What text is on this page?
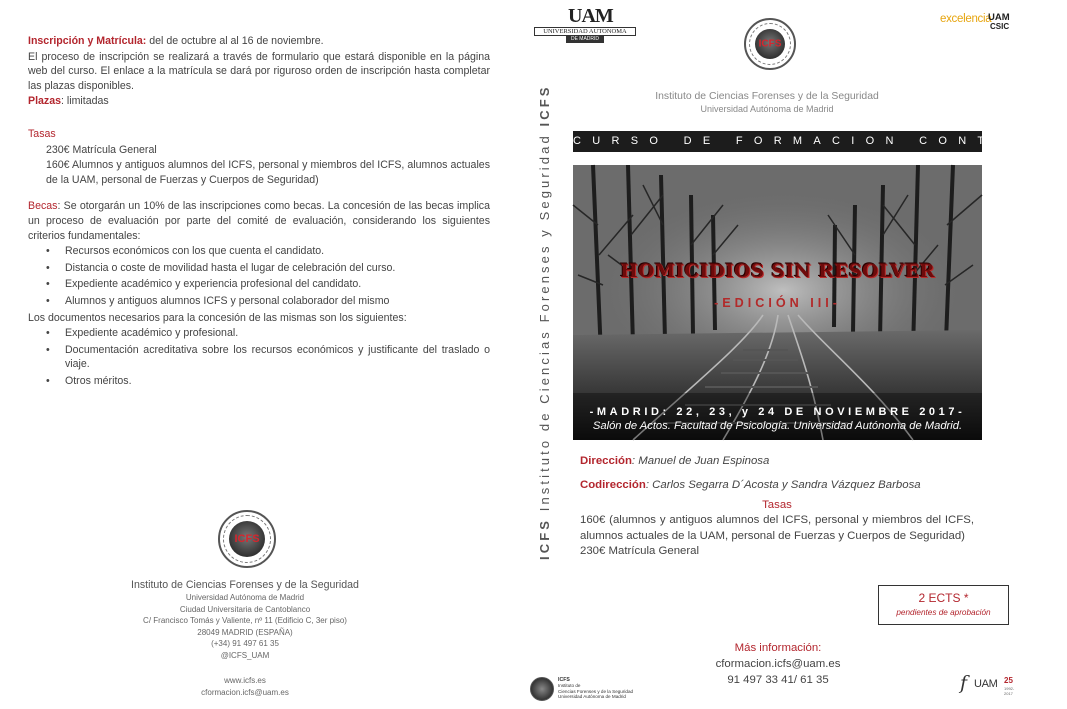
Inscripción y Matrícula: del de octubre al al 16 de noviembre.

El proceso de inscripción se realizará a través de formulario que estará disponible en la página web del curso. El enlace a la matrícula se dará por riguroso orden de inscripción hasta completar las plazas disponibles.

Plazas: limitadas

Tasas

230€ Matrícula General

160€ Alumnos y antiguos alumnos del ICFS, personal y miembros del ICFS, alumnos actuales de la UAM, personal de Fuerzas y Cuerpos de Seguridad)

Becas: Se otorgarán un 10% de las inscripciones como becas. La concesión de las becas implica un proceso de evaluación por parte del comité de evaluación, considerando los siguientes criterios fundamentales:

• Recursos económicos con los que cuenta el candidato.
• Distancia o coste de movilidad hasta el lugar de celebración del curso.
• Expediente académico y experiencia profesional del candidato.
• Alumnos y antiguos alumnos ICFS y personal colaborador del mismo

Los documentos necesarios para la concesión de las mismas son los siguientes:

• Expediente académico y profesional.
• Documentación acreditativa sobre los recursos económicos y justificante del traslado o viaje.
• Otros méritos.
ICFS
Instituto de Ciencias Forenses y de la Seguridad
Universidad Autónoma de Madrid
Ciudad Universitaria de Cantoblanco
C/ Francisco Tomás y Valiente, nº 11 (Edificio C, 3er piso)
28049 MADRID (ESPAÑA)
(+34) 91 497 61 35
@ICFS_UAM
www.icfs.es
cformacion.icfs@uam.es
ICFS Instituto de Ciencias Forenses y Seguridad ICFS
UAM
UNIVERSIDAD AUTONOMA
DE MADRID
excelencia
UAM
CSIC
ICFS
Instituto de Ciencias Forenses y de la Seguridad
Universidad Autónoma de Madrid
CURSO DE FORMACION CONTINUA
HOMICIDIOS SIN RESOLVER
-EDICIÓN III-
-MADRID: 22, 23, y 24 DE NOVIEMBRE 2017-
Salón de Actos. Facultad de Psicología. Universidad Autónoma de Madrid.
Dirección: Manuel de Juan Espinosa
Codirección: Carlos Segarra D´Acosta y Sandra Vázquez Barbosa
Tasas
160€ (alumnos y antiguos alumnos del ICFS, personal y miembros del ICFS, alumnos actuales de la UAM, personal de Fuerzas y Cuerpos de Seguridad)
230€ Matrícula General
2 ECTS *
pendientes de aprobación
Más información:
cformacion.icfs@uam.es
91 497 33 41/ 61 35
ICFS
Instituto de
Ciencias Forenses y de la Seguridad
Universidad Autónoma de Madrid
f UAM 25
1992-2017
